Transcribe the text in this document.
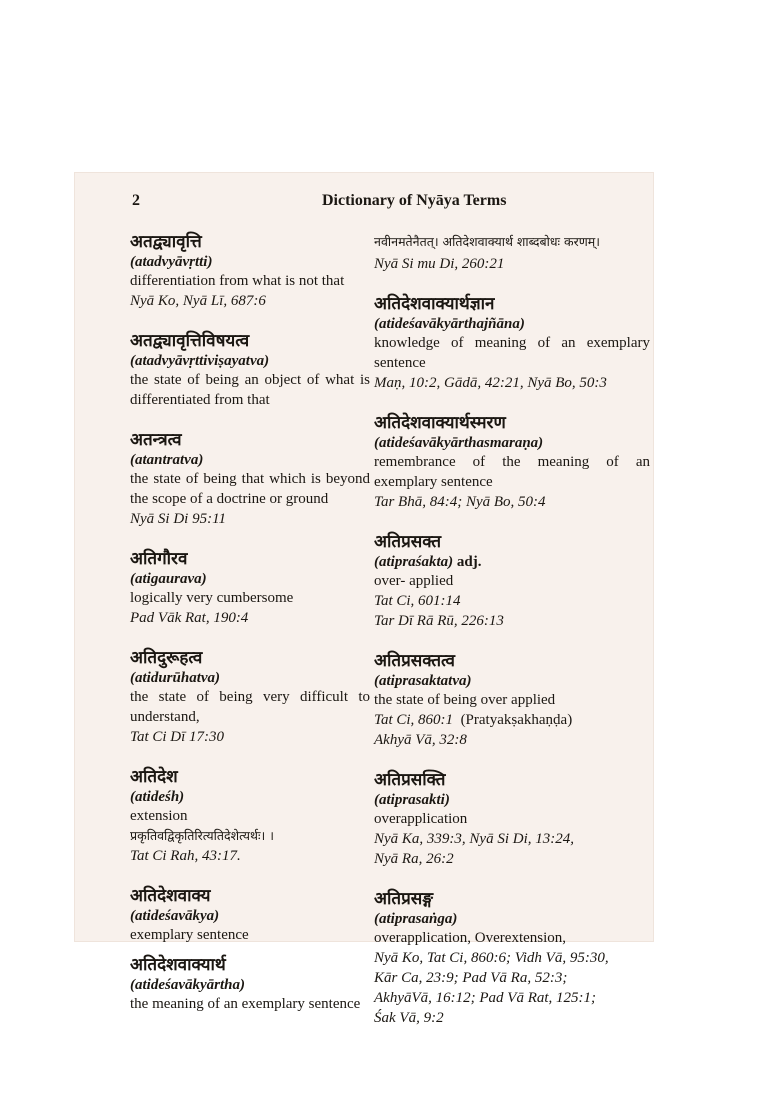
2	Dictionary of Nyāya Terms
अतद्व्यावृत्ति
(atadvyāvṛtti)
differentiation from what is not that
Nyā Ko, Nyā Lī, 687:6
अतद्व्यावृत्तिविषयत्व
(atadvyāvṛttiviṣayatva)
the state of being an object of what is differentiated from that
अतन्त्रत्व
(atantratva)
the state of being that which is beyond the scope of a doctrine or ground
Nyā Si Di 95:11
अतिगौरव
(atigaurava)
logically very cumbersome
Pad Vāk Rat, 190:4
अतिदुरूहत्व
(atidurūhatva)
the state of being very difficult to understand,
Tat Ci Dī 17:30
अतिदेश
(atideśh)
extension
प्रकृतिवद्विकृतिरित्यतिदेशेत्यर्थः। ।
Tat Ci Rah, 43:17.
अतिदेशवाक्य
(atideśavākya)
exemplary sentence
अतिदेशवाक्यार्थ
(atideśavākyārtha)
the meaning of an exemplary sentence
नवीनमतेनैतत्। अतिदेशवाक्यार्थ शाब्दबोधः करणम्।
Nyā Si mu Di, 260:21
अतिदेशवाक्यार्थज्ञान
(atideśavākyārthajñāna)
knowledge of meaning of an exemplary sentence
Maṇ, 10:2, Gādā, 42:21, Nyā Bo, 50:3
अतिदेशवाक्यार्थस्मरण
(atideśavākyārthasmaraṇa)
remembrance of the meaning of an exemplary sentence
Tar Bhā, 84:4; Nyā Bo, 50:4
अतिप्रसक्त
(atipraśakta) adj.
over- applied
Tat Ci, 601:14
Tar Dī Rā Rū, 226:13
अतिप्रसक्तत्व
(atiprasaktatva)
the state of being over applied
Tat Ci, 860:1 (Pratyakṣakhaṇḍa)
Akhyā Vā, 32:8
अतिप्रसक्ति
(atiprasakti)
overapplication
Nyā Ka, 339:3, Nyā Si Di, 13:24,
Nyā Ra, 26:2
अतिप्रसङ्ग
(atiprasaṅga)
overapplication, Overextension,
Nyā Ko, Tat Ci, 860:6; Vidh Vā, 95:30,
Kār Ca, 23:9; Pad Vā Ra, 52:3;
AkhyāVā, 16:12; Pad Vā Rat, 125:1;
Śak Vā, 9:2
